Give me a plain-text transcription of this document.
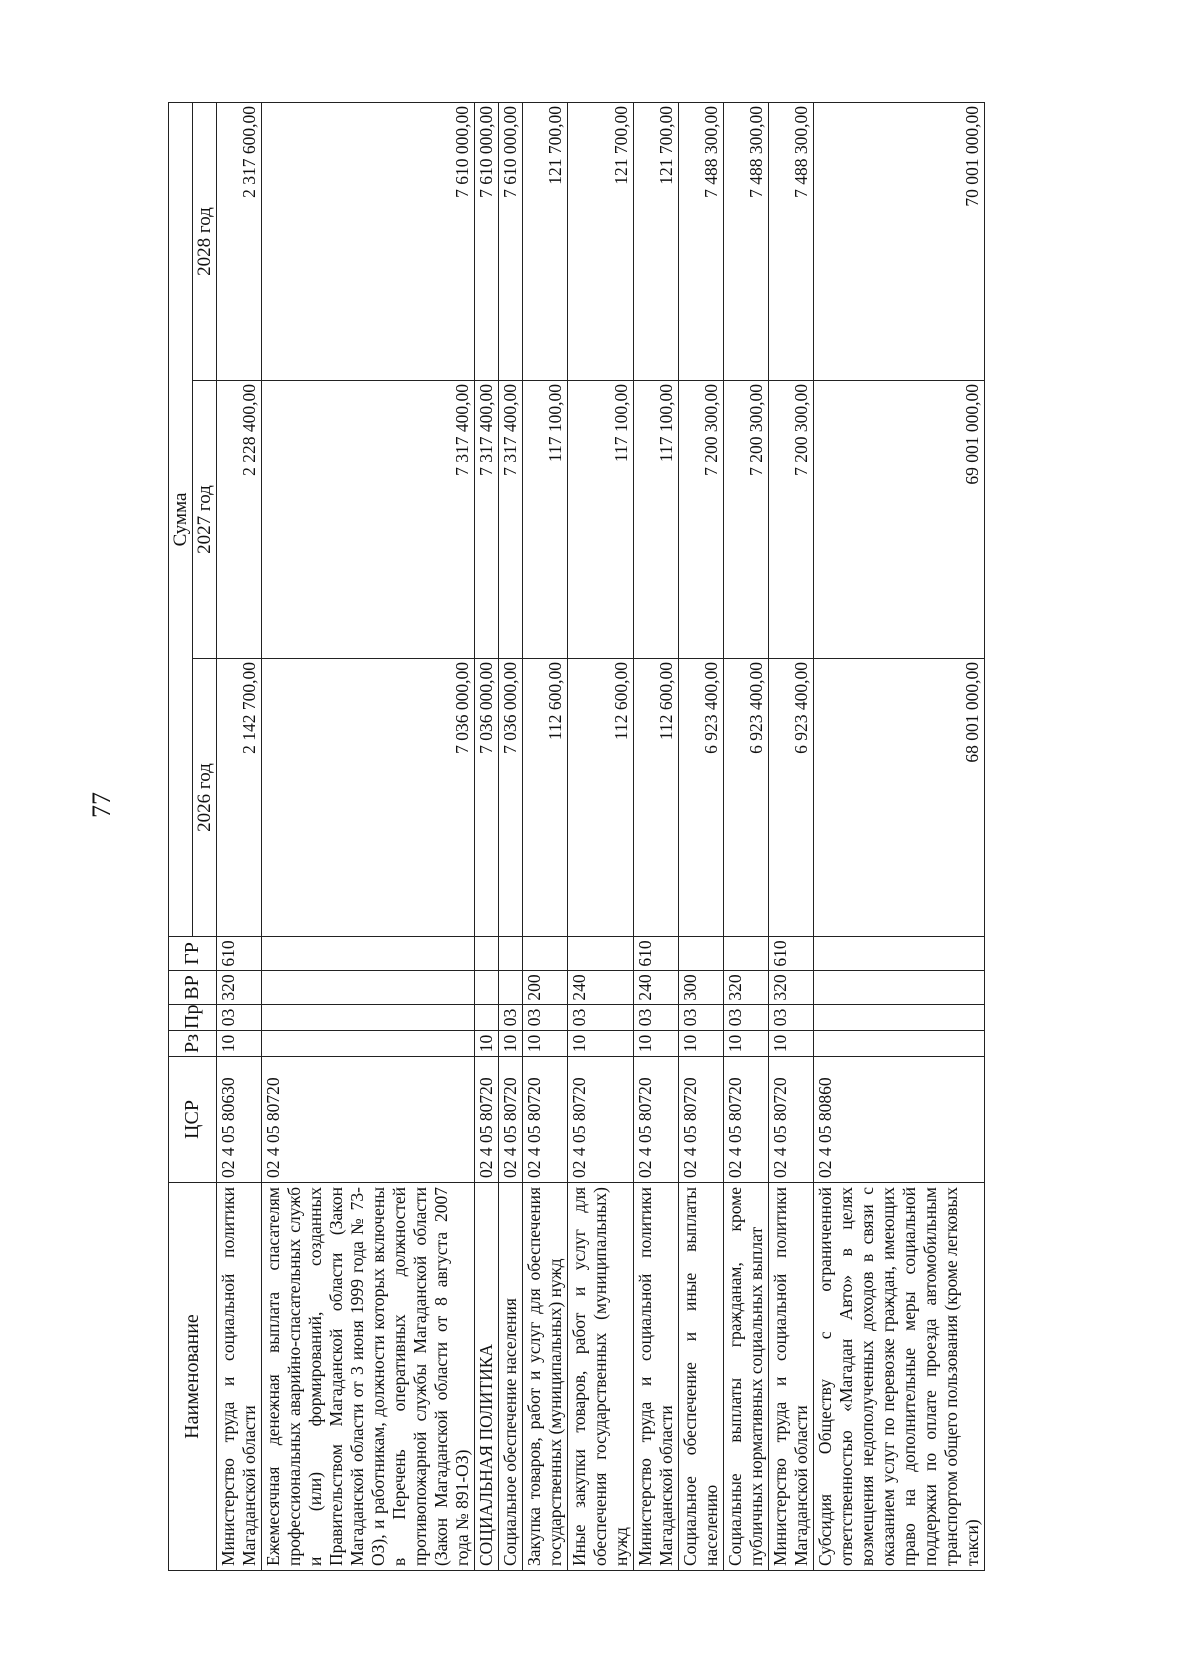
77
Наименование	ЦСР	Рз	Пр	ВР	ГР	Сумма		
						2026 год	2027 год	2028 год
Министерство труда и социальной политики Магаданской области	02 4 05 80630	10	03	320	610	2 142 700,00	2 228 400,00	2 317 600,00
Ежемесячная денежная выплата спасателям профессиональных аварийно-спасательных служб и (или) формирований, созданных Правительством Магаданской области (Закон Магаданской области от 3 июня 1999 года № 73-ОЗ), и работникам, должности которых включены в Перечень оперативных должностей противопожарной службы Магаданской области (Закон Магаданской области от 8 августа 2007 года № 891-ОЗ)	02 4 05 80720					7 036 000,00	7 317 400,00	7 610 000,00
СОЦИАЛЬНАЯ ПОЛИТИКА	02 4 05 80720	10				7 036 000,00	7 317 400,00	7 610 000,00
Социальное обеспечение населения	02 4 05 80720	10	03			7 036 000,00	7 317 400,00	7 610 000,00
Закупка товаров, работ и услуг для обеспечения государственных (муниципальных) нужд	02 4 05 80720	10	03	200		112 600,00	117 100,00	121 700,00
Иные закупки товаров, работ и услуг для обеспечения государственных (муниципальных) нужд	02 4 05 80720	10	03	240		112 600,00	117 100,00	121 700,00
Министерство труда и социальной политики Магаданской области	02 4 05 80720	10	03	240	610	112 600,00	117 100,00	121 700,00
Социальное обеспечение и иные выплаты населению	02 4 05 80720	10	03	300		6 923 400,00	7 200 300,00	7 488 300,00
Социальные выплаты гражданам, кроме публичных нормативных социальных выплат	02 4 05 80720	10	03	320		6 923 400,00	7 200 300,00	7 488 300,00
Министерство труда и социальной политики Магаданской области	02 4 05 80720	10	03	320	610	6 923 400,00	7 200 300,00	7 488 300,00
Субсидия Обществу с ограниченной ответственностью «Магадан Авто» в целях возмещения недополученных доходов в связи с оказанием услуг по перевозке граждан, имеющих право на дополнительные меры социальной поддержки по оплате проезда автомобильным транспортом общего пользования (кроме легковых такси)	02 4 05 80860					68 001 000,00	69 001 000,00	70 001 000,00
